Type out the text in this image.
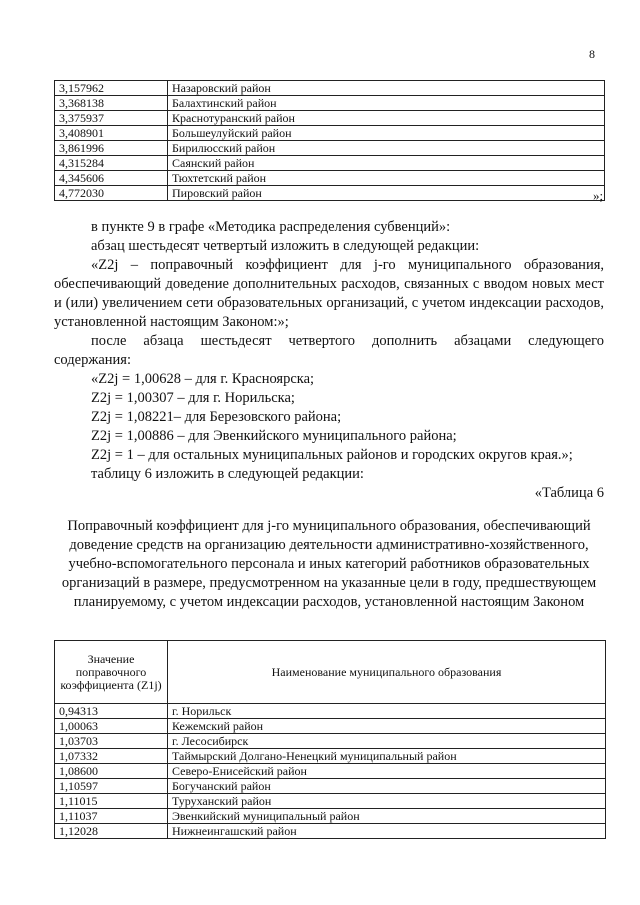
8
3,157962	Назаровский район
3,368138	Балахтинский район
3,375937	Краснотуранский район
3,408901	Большеулуйский район
3,861996	Бирилюсский район
4,315284	Саянский район
4,345606	Тюхтетский район
4,772030	Пировский район	»;

в пункте 9 в графе «Методика распределения субвенций»:

абзац шестьдесят четвертый изложить в следующей редакции:

«Z2j – поправочный коэффициент для j-го муниципального образования, обеспечивающий доведение дополнительных расходов, связанных с вводом новых мест и (или) увеличением сети образовательных организаций, с учетом индексации расходов, установленной настоящим Законом:»;

после абзаца шестьдесят четвертого дополнить абзацами следующего содержания:

«Z2j = 1,00628 – для г. Красноярска;

Z2j = 1,00307 – для г. Норильска;

Z2j = 1,08221– для Березовского района;

Z2j = 1,00886 – для Эвенкийского муниципального района;

Z2j = 1 – для остальных муниципальных районов и городских округов края.»;

таблицу 6 изложить в следующей редакции:

«Таблица 6

Поправочный коэффициент для j-го муниципального образования, обеспечивающий доведение средств на организацию деятельности административно-хозяйственного, учебно-вспомогательного персонала и иных категорий работников образовательных организаций в размере, предусмотренном на указанные цели в году, предшествующем планируемому, с учетом индексации расходов, установленной настоящим Законом
Значение поправочного коэффициента (Z1j)	Наименование муниципального образования
0,94313	г. Норильск
1,00063	Кежемский район
1,03703	г. Лесосибирск
1,07332	Таймырский Долгано-Ненецкий муниципальный район
1,08600	Северо-Енисейский район
1,10597	Богучанский район
1,11015	Туруханский район
1,11037	Эвенкийский муниципальный район
1,12028	Нижнеингашский район
